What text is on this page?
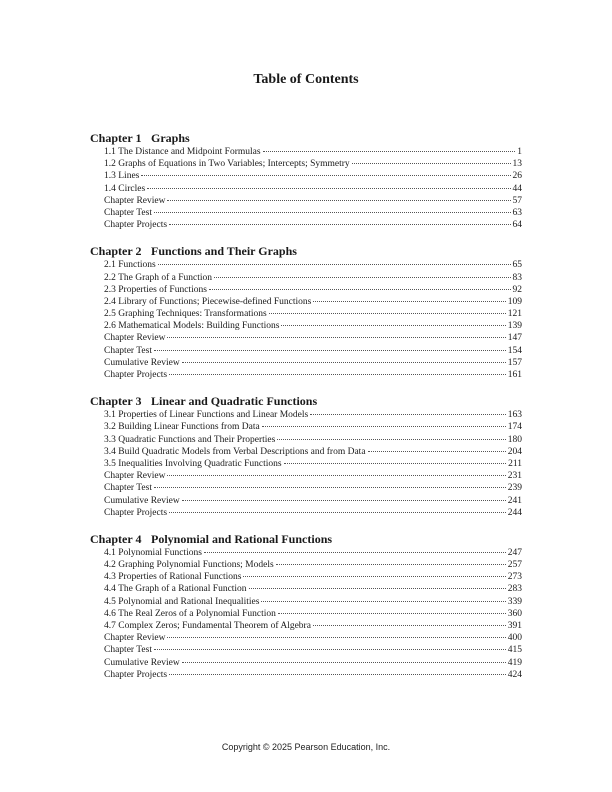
Table of Contents
Chapter 1 Graphs
1.1 The Distance and Midpoint Formulas	1
1.2 Graphs of Equations in Two Variables; Intercepts; Symmetry	13
1.3 Lines	26
1.4 Circles	44
Chapter Review	57
Chapter Test	63
Chapter Projects	64
Chapter 2 Functions and Their Graphs
2.1 Functions	65
2.2 The Graph of a Function	83
2.3 Properties of Functions	92
2.4 Library of Functions; Piecewise-defined Functions	109
2.5 Graphing Techniques: Transformations	121
2.6 Mathematical Models: Building Functions	139
Chapter Review	147
Chapter Test	154
Cumulative Review	157
Chapter Projects	161
Chapter 3 Linear and Quadratic Functions
3.1 Properties of Linear Functions and Linear Models	163
3.2 Building Linear Functions from Data	174
3.3 Quadratic Functions and Their Properties	180
3.4 Build Quadratic Models from Verbal Descriptions and from Data	204
3.5 Inequalities Involving Quadratic Functions	211
Chapter Review	231
Chapter Test	239
Cumulative Review	241
Chapter Projects	244
Chapter 4 Polynomial and Rational Functions
4.1 Polynomial Functions	247
4.2 Graphing Polynomial Functions; Models	257
4.3 Properties of Rational Functions	273
4.4 The Graph of a Rational Function	283
4.5 Polynomial and Rational Inequalities	339
4.6 The Real Zeros of a Polynomial Function	360
4.7 Complex Zeros; Fundamental Theorem of Algebra	391
Chapter Review	400
Chapter Test	415
Cumulative Review	419
Chapter Projects	424
Copyright © 2025 Pearson Education, Inc.
